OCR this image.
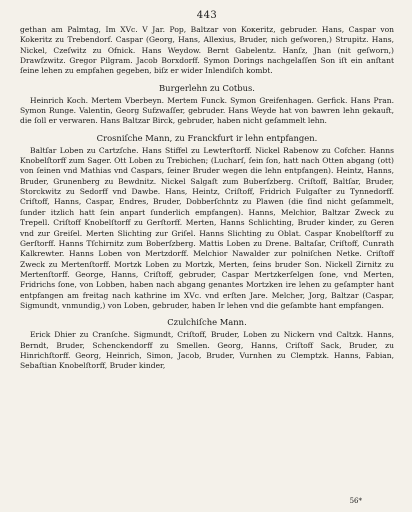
443

gethan am Palmtag, Im XVc. V Jar. Pop, Baltzar von Koкeritz, gebruder. Hans, Caspar von Kokeritz zu Trebendorf. Caspar (Georg, Hans, Allexius, Bruder, nich geſworen,) Strupitz. Hans, Nickel, Czeſwitz zu Ofnick. Hans Weydow. Bernt Gabelentz. Hanſz, Jhan (nit geſworn,) Drawſzwitz. Gregor Pilgram. Jacob Borxdorff. Symon Dorings nachgelaſſen Son iſt ein anſtant ſeine lehen zu empfahen gegeben, biſz er wider Inlendiſch kombt.

Burgerlehn zu Cotbus.

Heinrich Koch. Mertem Vberbeyn. Mertem Funck. Symon Greifenhagen. Gerfick. Hans Pran. Symon Runge. Valentin, Georg Sufzwaſſer, gebruder. Hans Weyde hat von bawren lehn gekauft, die ſoll er verwaren. Hans Baltzar Birck, gebruder, haben nicht geſammelt lehn.

Crosniſche Mann, zu Franckfurt ir lehn entpfangen.

Baltſar Loben zu Cartzſche. Hans Stiffel zu Lewterſtorff. Nickel Rabenow zu Cofcher. Hanns Knobelſtorff zum Sager. Ott Loben zu Trebichen; (Lucharſ, ſein ſon, hatt nach Otten abgang (ott) von ſeinen vnd Mathias vnd Caspars, ſeiner Bruder wegen die lehn entpfangen). Heintz, Hanns, Bruder, Grunenberg zu Bewdnitz. Nickel Salgaſt zum Buberſzberg. Criſtoff, Baltſar, Bruder, Storckwitz zu Sedorff vnd Dawbe. Hans, Heintz, Criſtoff, Fridrich Fulgaſter zu Tynnedorff. Criſtoff, Hanns, Caspar, Endres, Bruder, Dobberſchntz zu Plawen (die ſind nicht geſammelt, ſunder itzlich hatt ſein anpart ſunderlich empfangen). Hanns, Melchior, Baltzar Zweck zu Trepell. Criſtoff Knobelſtorff zu Gerſtorff. Merten, Hanns Schlichting, Bruder kinder, zu Geren vnd zur Greiſel. Merten Slichting zur Griſel. Hanns Slichting zu Oblat. Caspar Knobelſtorff zu Gerſtorff. Hanns Tſchirnitz zum Boberſzberg. Mattis Loben zu Drene. Baltaſar, Criſtoff, Cunrath Kalkrewter. Hanns Loben von Mertzdorff. Melchior Nawalder zur polniſchen Netke. Criſtoff Zweck zu Mertenſtorff. Mortzk Loben zu Mortzk, Merten, ſeins bruder Son. Nickell Zirnitz zu Mertenſtorff. George, Hanns, Criſtoff, gebruder, Caspar Mertzkerſelgen ſone, vnd Merten, Fridrichs ſone, von Lobben, haben nach abgang genantes Mortzken ire lehen zu geſampter hant entpfangen am freitag nach kathrine im XVc. vnd erſten Jare. Melcher, Jorg, Baltzar (Caspar, Sigmundt, vnmundig,) von Loben, gebruder, haben Ir lehen vnd die geſambte hant empfangen.

Czulchiſche Mann.

Erick Dhier zu Cranſche. Sigmundt, Criſtoff, Bruder, Loben zu Nickern vnd Caltzk. Hanns, Berndt, Bruder, Schenckendorff zu Smellen. Georg, Hanns, Criſtoff Sack, Bruder, zu Hinrichſtorff. Georg, Heinrich, Simon, Jacob, Bruder, Vurnhen zu Clemptzk. Hanns, Fabian, Sebaſtian Knobelſtorff, Bruder kinder,

56*
